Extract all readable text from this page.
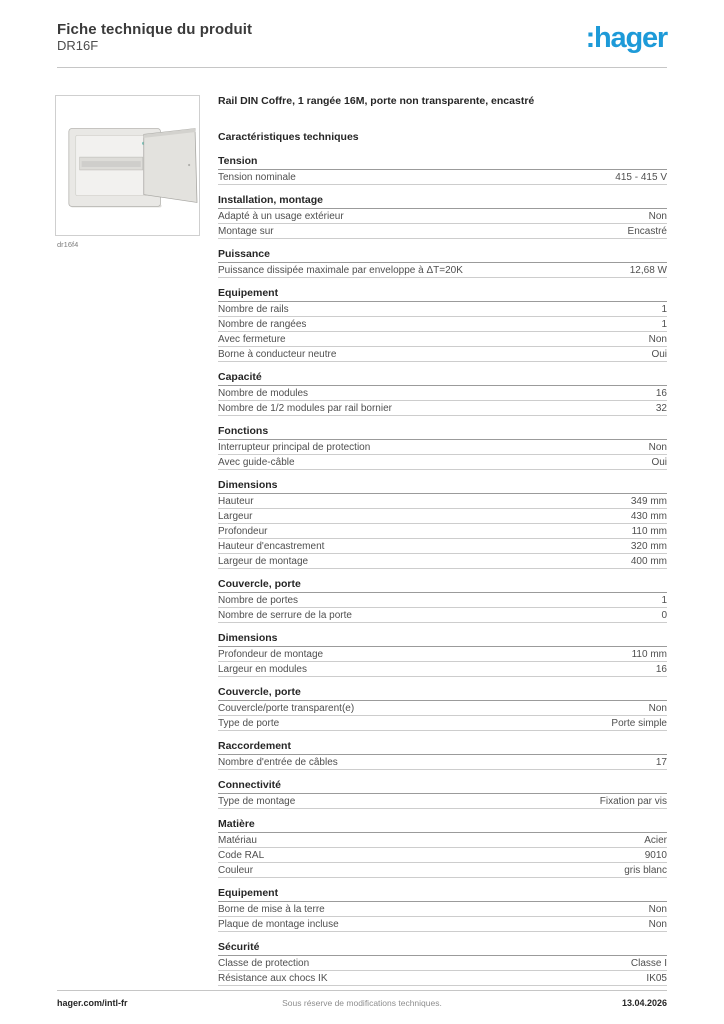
Fiche technique du produit
DR16F	:hager
dr16f4
Rail DIN Coffre, 1 rangée 16M, porte non transparente, encastré
Caractéristiques techniques
Tension
Tension nominale	415 - 415 V
Installation, montage
Adapté à un usage extérieur	Non
Montage sur	Encastré
Puissance
Puissance dissipée maximale par enveloppe à ΔT=20K	12,68 W
Equipement
Nombre de rails	1
Nombre de rangées	1
Avec fermeture	Non
Borne à conducteur neutre	Oui
Capacité
Nombre de modules	16
Nombre de 1/2 modules par rail bornier	32
Fonctions
Interrupteur principal de protection	Non
Avec guide-câble	Oui
Dimensions
Hauteur	349 mm
Largeur	430 mm
Profondeur	110 mm
Hauteur d'encastrement	320 mm
Largeur de montage	400 mm
Couvercle, porte
Nombre de portes	1
Nombre de serrure de la porte	0
Dimensions
Profondeur de montage	110 mm
Largeur en modules	16
Couvercle, porte
Couvercle/porte transparent(e)	Non
Type de porte	Porte simple
Raccordement
Nombre d'entrée de câbles	17
Connectivité
Type de montage	Fixation par vis
Matière
Matériau	Acier
Code RAL	9010
Couleur	gris blanc
Equipement
Borne de mise à la terre	Non
Plaque de montage incluse	Non
Sécurité
Classe de protection	Classe I
Résistance aux chocs IK	IK05
hager.com/intl-fr	Sous réserve de modifications techniques.	13.04.2026
